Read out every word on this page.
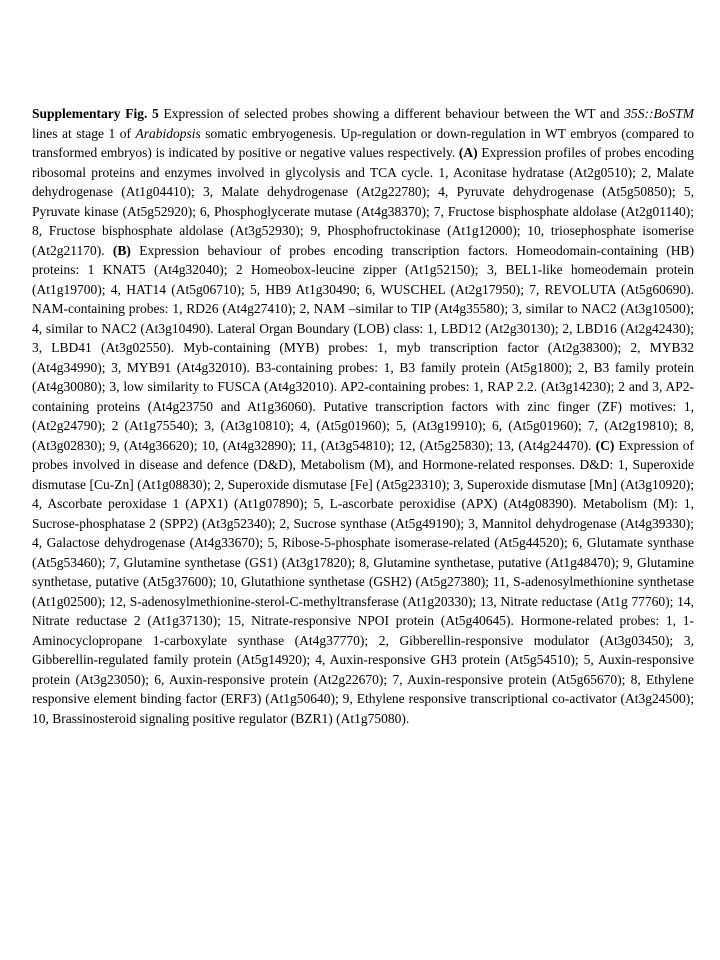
Supplementary Fig. 5 Expression of selected probes showing a different behaviour between the WT and 35S::BoSTM lines at stage 1 of Arabidopsis somatic embryogenesis. Up-regulation or down-regulation in WT embryos (compared to transformed embryos) is indicated by positive or negative values respectively. (A) Expression profiles of probes encoding ribosomal proteins and enzymes involved in glycolysis and TCA cycle. 1, Aconitase hydratase (At2g0510); 2, Malate dehydrogenase (At1g04410); 3, Malate dehydrogenase (At2g22780); 4, Pyruvate dehydrogenase (At5g50850); 5, Pyruvate kinase (At5g52920); 6, Phosphoglycerate mutase (At4g38370); 7, Fructose bisphosphate aldolase (At2g01140); 8, Fructose bisphosphate aldolase (At3g52930); 9, Phosphofructokinase (At1g12000); 10, triosephosphate isomerise (At2g21170). (B) Expression behaviour of probes encoding transcription factors. Homeodomain-containing (HB) proteins: 1 KNAT5 (At4g32040); 2 Homeobox-leucine zipper (At1g52150); 3, BEL1-like homeodemain protein (At1g19700); 4, HAT14 (At5g06710); 5, HB9 At1g30490; 6, WUSCHEL (At2g17950); 7, REVOLUTA (At5g60690). NAM-containing probes: 1, RD26 (At4g27410); 2, NAM –similar to TIP (At4g35580); 3, similar to NAC2 (At3g10500); 4, similar to NAC2 (At3g10490). Lateral Organ Boundary (LOB) class: 1, LBD12 (At2g30130); 2, LBD16 (At2g42430); 3, LBD41 (At3g02550). Myb-containing (MYB) probes: 1, myb transcription factor (At2g38300); 2, MYB32 (At4g34990); 3, MYB91 (At4g32010). B3-containing probes: 1, B3 family protein (At5g1800); 2, B3 family protein (At4g30080); 3, low similarity to FUSCA (At4g32010). AP2-containing probes: 1, RAP 2.2. (At3g14230); 2 and 3, AP2-containing proteins (At4g23750 and At1g36060). Putative transcription factors with zinc finger (ZF) motives: 1, (At2g24790); 2 (At1g75540); 3, (At3g10810); 4, (At5g01960); 5, (At3g19910); 6, (At5g01960); 7, (At2g19810); 8, (At3g02830); 9, (At4g36620); 10, (At4g32890); 11, (At3g54810); 12, (At5g25830); 13, (At4g24470). (C) Expression of probes involved in disease and defence (D&D), Metabolism (M), and Hormone-related responses. D&D: 1, Superoxide dismutase [Cu-Zn] (At1g08830); 2, Superoxide dismutase [Fe] (At5g23310); 3, Superoxide dismutase [Mn] (At3g10920); 4, Ascorbate peroxidase 1 (APX1) (At1g07890); 5, L-ascorbate peroxidise (APX) (At4g08390). Metabolism (M): 1, Sucrose-phosphatase 2 (SPP2) (At3g52340); 2, Sucrose synthase (At5g49190); 3, Mannitol dehydrogenase (At4g39330); 4, Galactose dehydrogenase (At4g33670); 5, Ribose-5-phosphate isomerase-related (At5g44520); 6, Glutamate synthase (At5g53460); 7, Glutamine synthetase (GS1) (At3g17820); 8, Glutamine synthetase, putative (At1g48470); 9, Glutamine synthetase, putative (At5g37600); 10, Glutathione synthetase (GSH2) (At5g27380); 11, S-adenosylmethionine synthetase (At1g02500); 12, S-adenosylmethionine-sterol-C-methyltransferase (At1g20330); 13, Nitrate reductase (At1g 77760); 14, Nitrate reductase 2 (At1g37130); 15, Nitrate-responsive NPOI protein (At5g40645). Hormone-related probes: 1, 1-Aminocyclopropane 1-carboxylate synthase (At4g37770); 2, Gibberellin-responsive modulator (At3g03450); 3, Gibberellin-regulated family protein (At5g14920); 4, Auxin-responsive GH3 protein (At5g54510); 5, Auxin-responsive protein (At3g23050); 6, Auxin-responsive protein (At2g22670); 7, Auxin-responsive protein (At5g65670); 8, Ethylene responsive element binding factor (ERF3) (At1g50640); 9, Ethylene responsive transcriptional co-activator (At3g24500); 10, Brassinosteroid signaling positive regulator (BZR1) (At1g75080).
